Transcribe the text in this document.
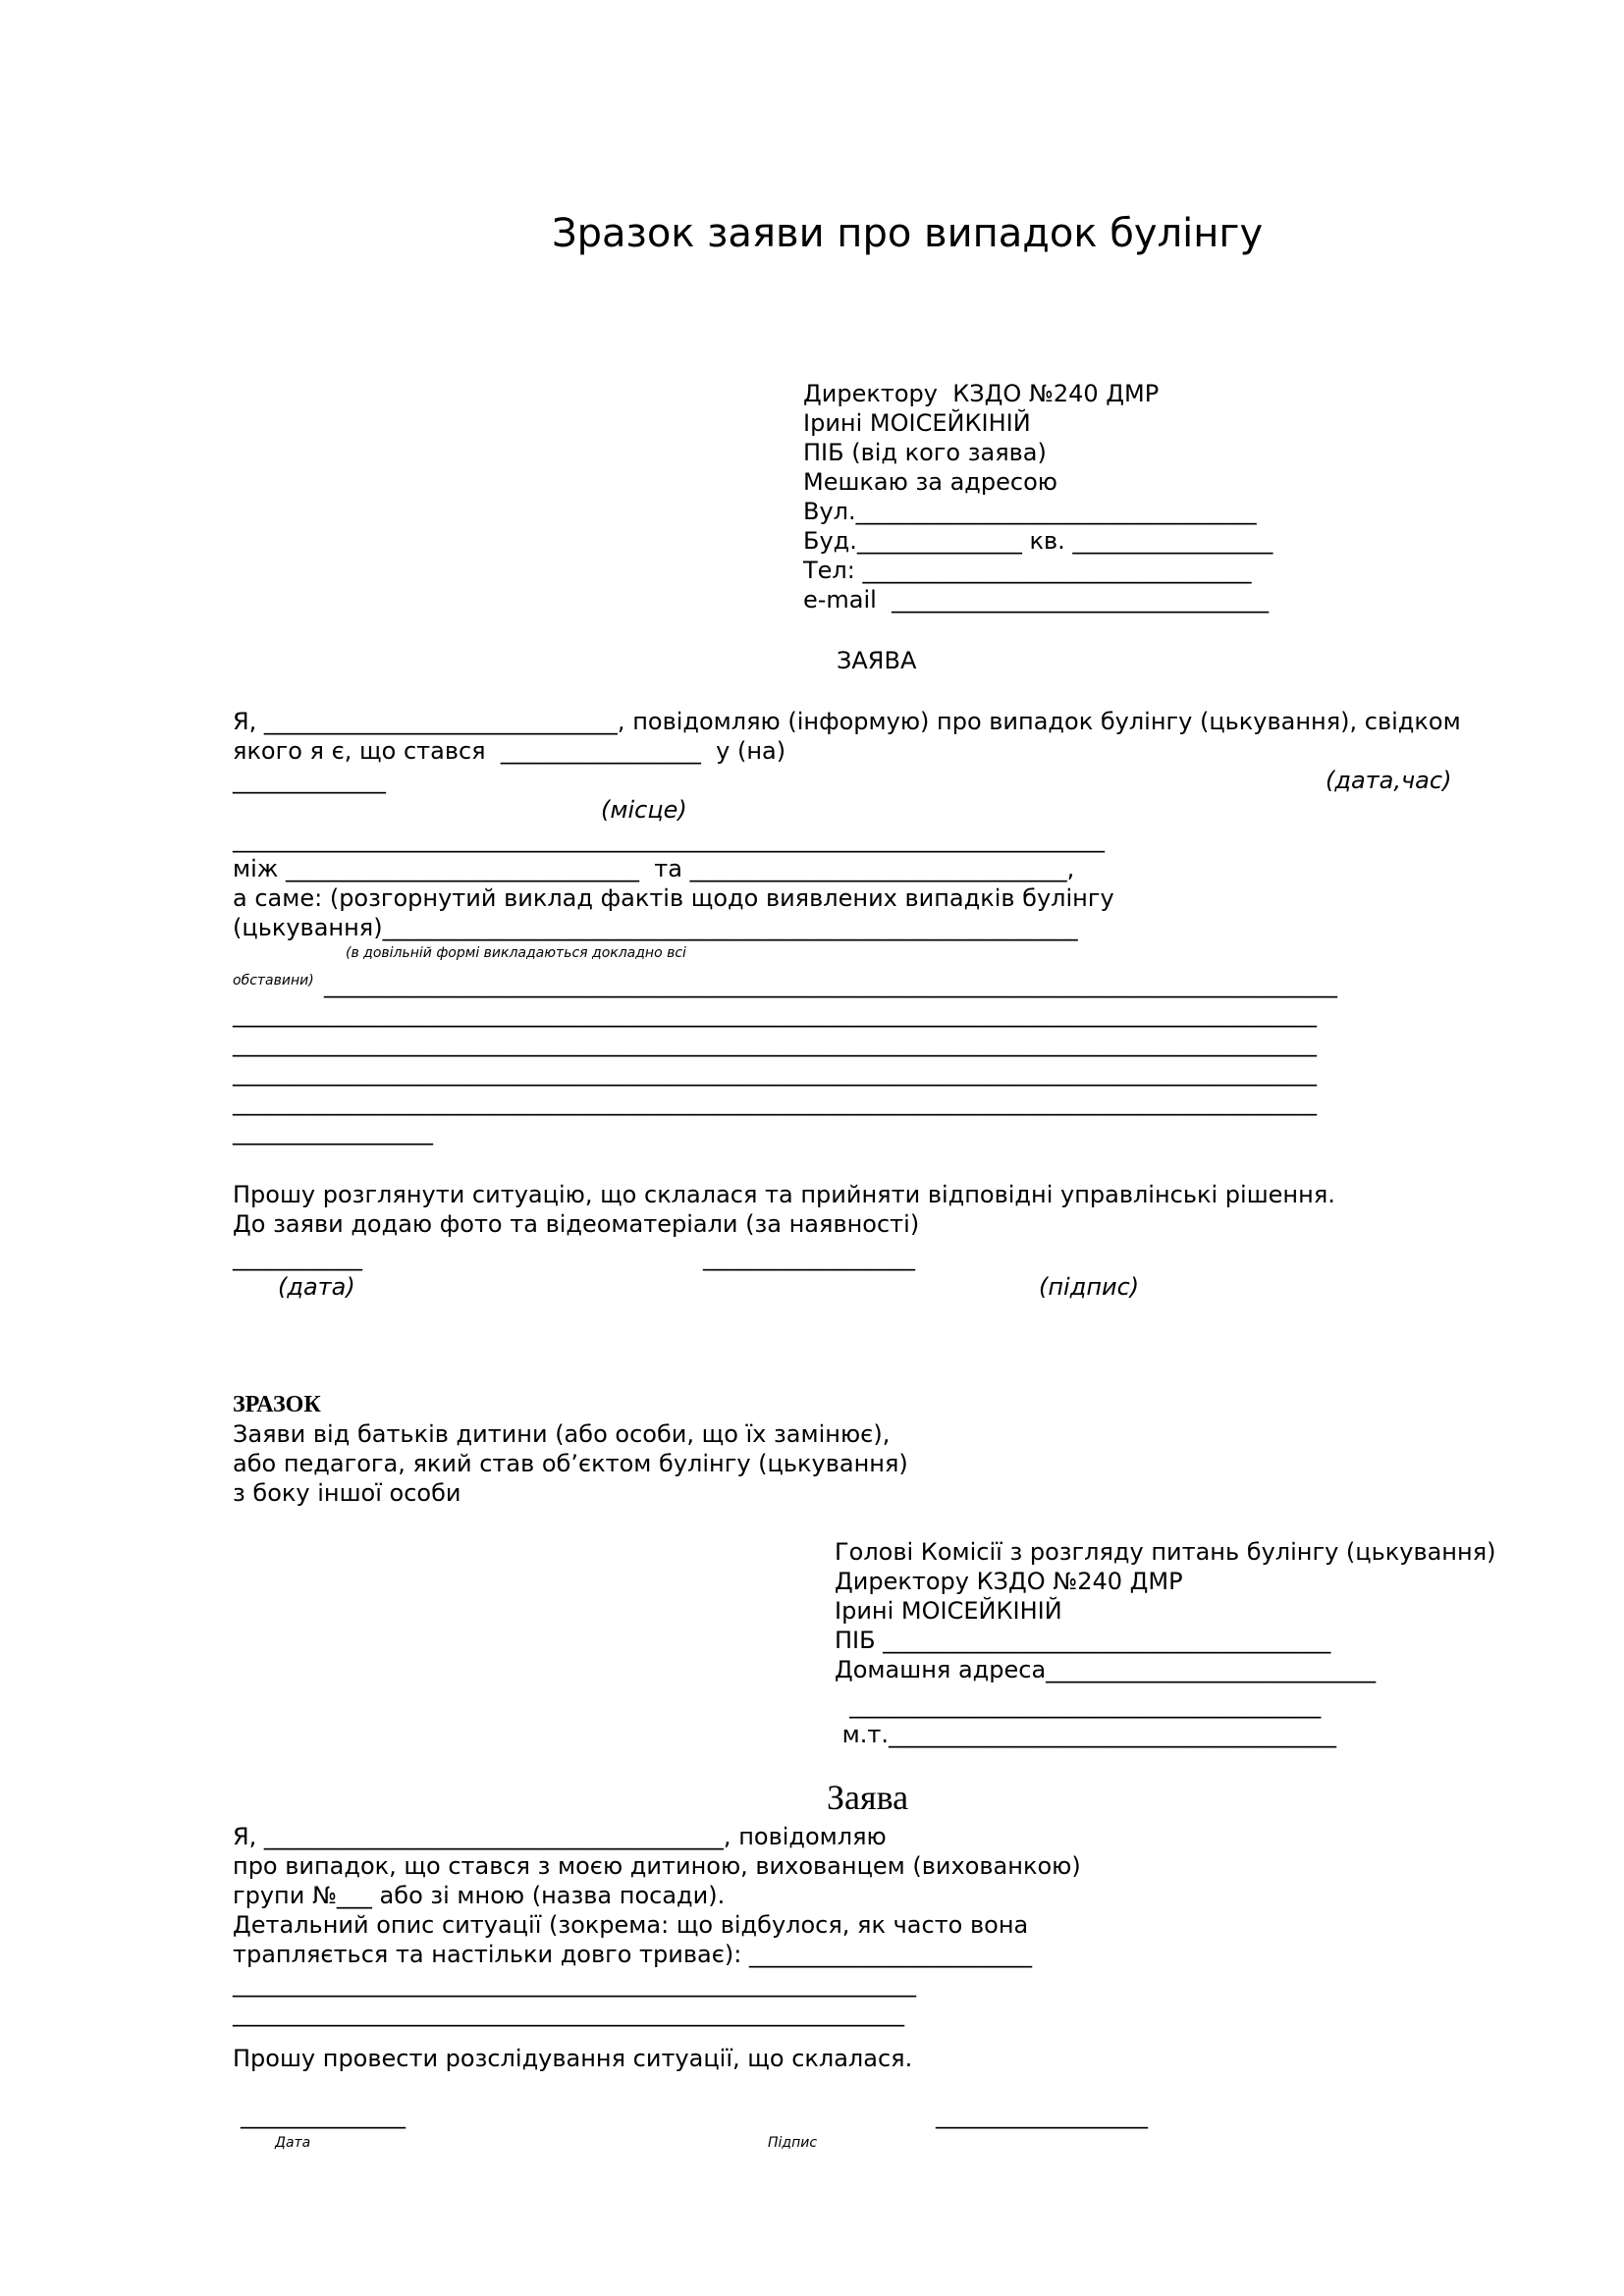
Зразок заяви про випадок булінгу
Директору  КЗДО №240 ДМР
Ірині МОІСЕЙКІНІЙ
ПІБ (від кого заява)
Мешкаю за адресою
Вул.__________________________________
Буд.______________ кв. _________________
Тел: _________________________________
e-mail  ________________________________
ЗАЯВА
Я, ______________________________, повідомляю (інформую) про випадок булінгу (цькування), свідком
якого я є, що стався  _________________  у (на)
(дата,час)
_____________
(місце)
__________________________________________________________________________
між ______________________________  та ________________________________,
а саме: (розгорнутий виклад фактів щодо виявлених випадків булінгу
(цькування)___________________________________________________________
(в довільній формі викладаються докладно всі
обставини) ______________________________________________________________________________________
____________________________________________________________________________________________
____________________________________________________________________________________________
____________________________________________________________________________________________
____________________________________________________________________________________________
_________________
Прошу розглянути ситуацію, що склалася та прийняти відповідні управлінські рішення.
До заяви додаю фото та відеоматеріали (за наявності)
___________	__________________
(дата)	(підпис)
ЗРАЗОК
Заяви від батьків дитини (або особи, що їх замінює),
або педагога, який став об’єктом булінгу (цькування)
з боку іншої особи
Голові Комісії з розгляду питань булінгу (цькування)
Директору КЗДО №240 ДМР
Ірині МОІСЕЙКІНІЙ
ПІБ ______________________________________
Домашня адреса____________________________
________________________________________
м.т.______________________________________
Заява
Я, _______________________________________, повідомляю
про випадок, що стався з моєю дитиною, вихованцем (вихованкою)
групи №___ або зі мною (назва посади).
Детальний опис ситуації (зокрема: що відбулося, як часто вона
трапляється та настільки довго триває): ________________________
__________________________________________________________
_________________________________________________________
Прошу провести розслідування ситуації, що склалася.
______________	__________________
Дата	Підпис
